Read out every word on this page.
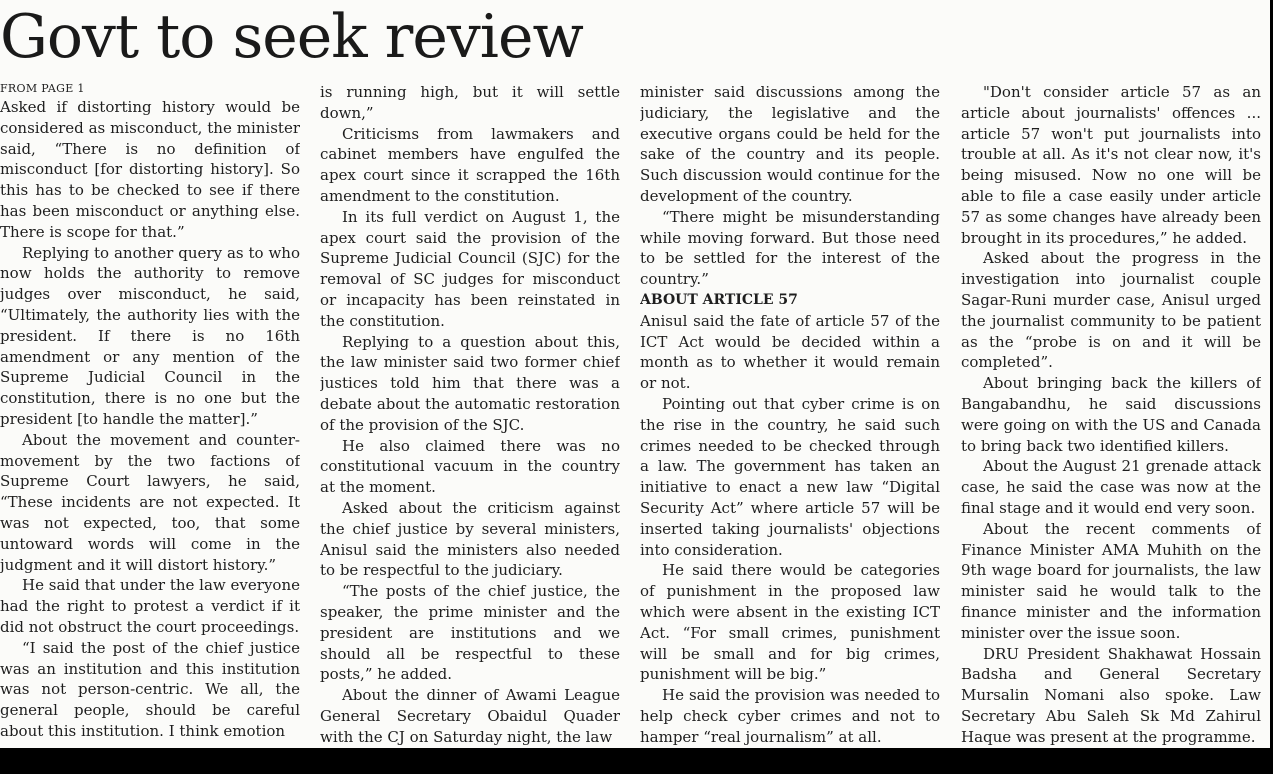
Govt to seek review
FROM PAGE 1

Asked if distorting history would be considered as misconduct, the minister said, “There is no definition of misconduct [for distorting history]. So this has to be checked to see if there has been misconduct or anything else. There is scope for that.”

Replying to another query as to who now holds the authority to remove judges over misconduct, he said, “Ultimately, the authority lies with the president. If there is no 16th amendment or any mention of the Supreme Judicial Council in the constitution, there is no one but the president [to handle the matter].”

About the movement and counter-movement by the two factions of Supreme Court lawyers, he said, “These incidents are not expected. It was not expected, too, that some untoward words will come in the judgment and it will distort history.”

He said that under the law everyone had the right to protest a verdict if it did not obstruct the court proceedings.

“I said the post of the chief justice was an institution and this institution was not person-centric. We all, the general people, should be careful about this institution. I think emotion

is running high, but it will settle down,”

Criticisms from lawmakers and cabinet members have engulfed the apex court since it scrapped the 16th amendment to the constitution.

In its full verdict on August 1, the apex court said the provision of the Supreme Judicial Council (SJC) for the removal of SC judges for misconduct or incapacity has been reinstated in the constitution.

Replying to a question about this, the law minister said two former chief justices told him that there was a debate about the automatic restoration of the provision of the SJC.

He also claimed there was no constitutional vacuum in the country at the moment.

Asked about the criticism against the chief justice by several ministers, Anisul said the ministers also needed to be respectful to the judiciary.

“The posts of the chief justice, the speaker, the prime minister and the president are institutions and we should all be respectful to these posts,” he added.

About the dinner of Awami League General Secretary Obaidul Quader with the CJ on Saturday night, the law

minister said discussions among the judiciary, the legislative and the executive organs could be held for the sake of the country and its people. Such discussion would continue for the development of the country.

“There might be misunderstanding while moving forward. But those need to be settled for the interest of the country.”

ABOUT ARTICLE 57

Anisul said the fate of article 57 of the ICT Act would be decided within a month as to whether it would remain or not.

Pointing out that cyber crime is on the rise in the country, he said such crimes needed to be checked through a law. The government has taken an initiative to enact a new law “Digital Security Act” where article 57 will be inserted taking journalists' objections into consideration.

He said there would be categories of punishment in the proposed law which were absent in the existing ICT Act. “For small crimes, punishment will be small and for big crimes, punishment will be big.”

He said the provision was needed to help check cyber crimes and not to hamper “real journalism” at all.

"Don't consider article 57 as an article about journalists' offences ... article 57 won't put journalists into trouble at all. As it's not clear now, it's being misused. Now no one will be able to file a case easily under article 57 as some changes have already been brought in its procedures,” he added.

Asked about the progress in the investigation into journalist couple Sagar-Runi murder case, Anisul urged the journalist community to be patient as the “probe is on and it will be completed”.

About bringing back the killers of Bangabandhu, he said discussions were going on with the US and Canada to bring back two identified killers.

About the August 21 grenade attack case, he said the case was now at the final stage and it would end very soon.

About the recent comments of Finance Minister AMA Muhith on the 9th wage board for journalists, the law minister said he would talk to the finance minister and the information minister over the issue soon.

DRU President Shakhawat Hossain Badsha and General Secretary Mursalin Nomani also spoke. Law Secretary Abu Saleh Sk Md Zahirul Haque was present at the programme.
